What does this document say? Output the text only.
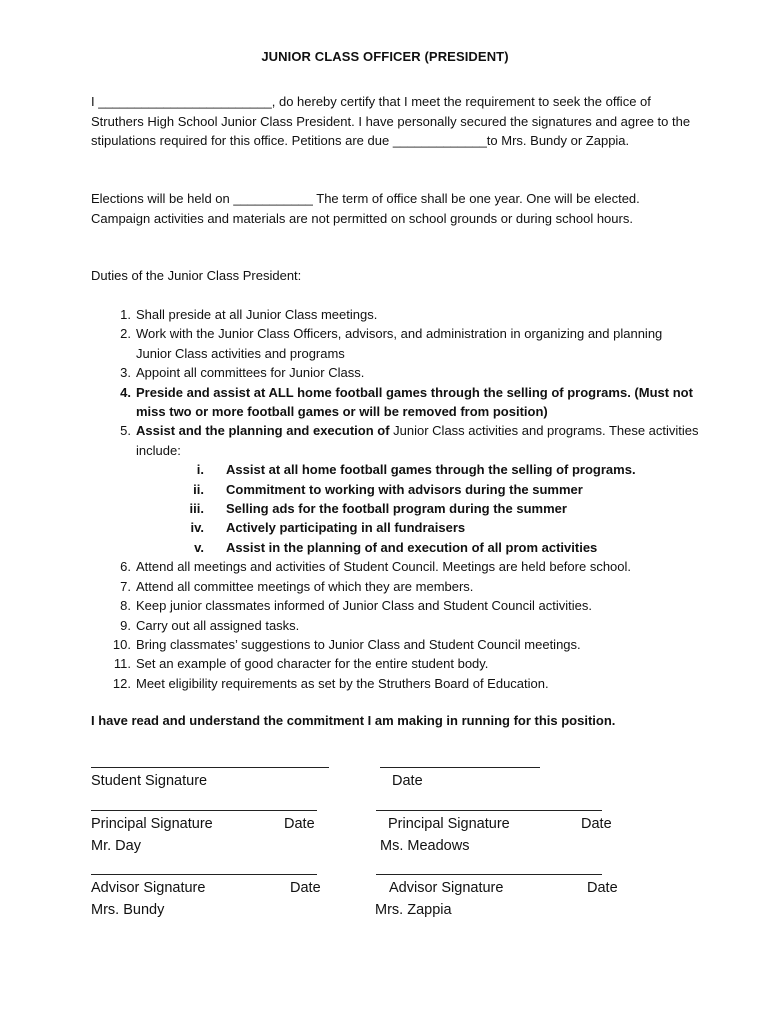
JUNIOR CLASS OFFICER (PRESIDENT)
I ________________________, do hereby certify that I meet the requirement to seek the office of Struthers High School Junior Class President. I have personally secured the signatures and agree to the stipulations required for this office. Petitions are due _____________to Mrs. Bundy or Zappia.
Elections will be held on ___________ The term of office shall be one year. One will be elected. Campaign activities and materials are not permitted on school grounds or during school hours.
Duties of the Junior Class President:
1. Shall preside at all Junior Class meetings.
2. Work with the Junior Class Officers, advisors, and administration in organizing and planning Junior Class activities and programs
3. Appoint all committees for Junior Class.
4. Preside and assist at ALL home football games through the selling of programs. (Must not miss two or more football games or will be removed from position)
5. Assist and the planning and execution of Junior Class activities and programs. These activities include:
i. Assist at all home football games through the selling of programs.
ii. Commitment to working with advisors during the summer
iii. Selling ads for the football program during the summer
iv. Actively participating in all fundraisers
v. Assist in the planning of and execution of all prom activities
6. Attend all meetings and activities of Student Council. Meetings are held before school.
7. Attend all committee meetings of which they are members.
8. Keep junior classmates informed of Junior Class and Student Council activities.
9. Carry out all assigned tasks.
10. Bring classmates’ suggestions to Junior Class and Student Council meetings.
11. Set an example of good character for the entire student body.
12. Meet eligibility requirements as set by the Struthers Board of Education.
I have read and understand the commitment I am making in running for this position.
Student Signature	Date
Principal Signature	Date
Mr. Day
Principal Signature	Date
Ms. Meadows
Advisor Signature	Date
Mrs. Bundy
Advisor Signature	Date
Mrs. Zappia
